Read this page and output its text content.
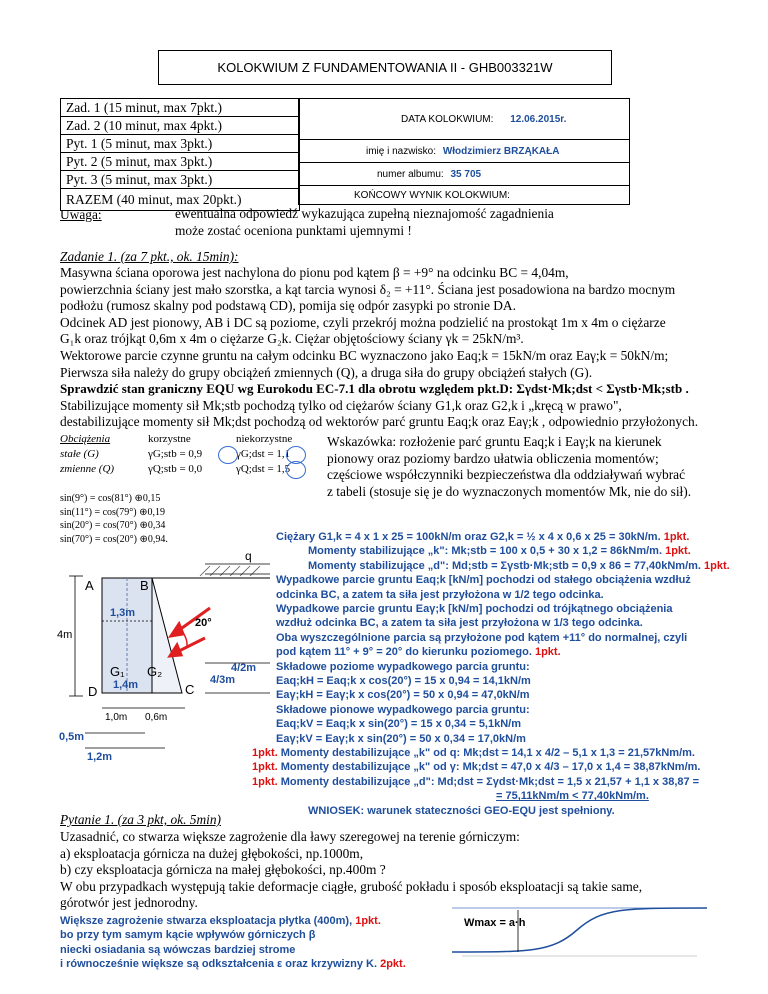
KOLOKWIUM Z FUNDAMENTOWANIA II - GHB003321W
Zad. 1 (15 minut, max 7pkt.)
Zad. 2 (10 minut, max 4pkt.)
Pyt. 1 (5 minut, max 3pkt.)
Pyt. 2 (5 minut, max 3pkt.)
Pyt. 3 (5 minut, max 3pkt.)
RAZEM (40 minut, max 20pkt.)
DATA KOLOKWIUM: 12.06.2015r.
imię i nazwisko: Włodzimierz BRZĄKAŁA
numer albumu: 35 705
KOŃCOWY WYNIK KOLOKWIUM:
Uwaga:	ewentualna odpowiedź wykazująca zupełną nieznajomość zagadnienia
może zostać oceniona punktami ujemnymi !
Zadanie 1. (za 7 pkt., ok. 15min):
Masywna ściana oporowa jest nachylona do pionu pod kątem β = +9° na odcinku BC = 4,04m,
powierzchnia ściany jest mało szorstka, a kąt tarcia wynosi δ₂ = +11°. Ściana jest posadowiona na bardzo mocnym
podłożu (rumosz skalny pod podstawą CD), pomija się odpór zasypki po stronie DA.
Odcinek AD jest pionowy, AB i DC są poziome, czyli przekrój można podzielić na prostokąt 1m x 4m o ciężarze
G₁k oraz trójkąt 0,6m x 4m o ciężarze G₂k. Ciężar objętościowy ściany γk = 25kN/m³.
Wektorowe parcie czynne gruntu na całym odcinku BC wyznaczono jako Eaq;k = 15kN/m oraz Eaγ;k = 50kN/m;
Pierwsza siła należy do grupy obciążeń zmiennych (Q), a druga siła do grupy obciążeń stałych (G).
Sprawdzić stan graniczny EQU wg Eurokodu EC-7.1 dla obrotu względem pkt.D: Σγdst·Mk;dst < Σγstb·Mk;stb .
Stabilizujące momenty sił Mk;stb pochodzą tylko od ciężarów ściany G1,k oraz G2,k i „kręcą w prawo",
destabilizujące momenty sił Mk;dst pochodzą od wektorów parć gruntu Eaq;k oraz Eaγ;k , odpowiednio przyłożonych.
Obciążenia	korzystne	niekorzystne
stałe (G)	γG;stb = 0,9	γG;dst = 1,1
zmienne (Q)	γQ;stb = 0,0	γQ;dst = 1,5
Wskazówka: rozłożenie parć gruntu Eaq;k i Eaγ;k na kierunek
pionowy oraz poziomy bardzo ułatwia obliczenia momentów;
częściowe współczynniki bezpieczeństwa dla oddziaływań wybrać
z tabeli (stosuje się je do wyznaczonych momentów Mk, nie do sił).
sin(9°) = cos(81°) ⊕0,15
sin(11°) = cos(79°) ⊕0,19
sin(20°) = cos(70°) ⊕0,34
sin(70°) = cos(20°) ⊕0,94.
q
A	B
C
D
G₁ G₂
4m
1,3m
4/2m
4/3m
1,4m
1,0m 0,6m
0,5m
1,2m
20°
Ciężary G1,k = 4 x 1 x 25 = 100kN/m oraz G2,k = ½ x 4 x 0,6 x 25 = 30kN/m. 1pkt.
Momenty stabilizujące „k": Mk;stb = 100 x 0,5 + 30 x 1,2 = 86kNm/m. 1pkt.
Momenty stabilizujące „d": Md;stb = Σγstb·Mk;stb = 0,9 x 86 = 77,40kNm/m. 1pkt.
Wypadkowe parcie gruntu Eaq;k [kN/m] pochodzi od stałego obciążenia wzdłuż
odcinka BC, a zatem ta siła jest przyłożona w 1/2 tego odcinka.
Wypadkowe parcie gruntu Eaγ;k [kN/m] pochodzi od trójkątnego obciążenia
wzdłuż odcinka BC, a zatem ta siła jest przyłożona w 1/3 tego odcinka.
Oba wyszczególnione parcia są przyłożone pod kątem +11° do normalnej, czyli
pod kątem 11° + 9° = 20° do kierunku poziomego. 1pkt.
Składowe poziome wypadkowego parcia gruntu:
Eaq;kH = Eaq;k x cos(20°) = 15 x 0,94 = 14,1kN/m
Eaγ;kH = Eaγ;k x cos(20°) = 50 x 0,94 = 47,0kN/m
Składowe pionowe wypadkowego parcia gruntu:
Eaq;kV = Eaq;k x sin(20°) = 15 x 0,34 = 5,1kN/m
Eaγ;kV = Eaγ;k x sin(20°) = 50 x 0,34 = 17,0kN/m
1pkt. Momenty destabilizujące „k" od q: Mk;dst = 14,1 x 4/2 – 5,1 x 1,3 = 21,57kNm/m.
1pkt. Momenty destabilizujące „k" od γ: Mk;dst = 47,0 x 4/3 – 17,0 x 1,4 = 38,87kNm/m.
1pkt. Momenty destabilizujące „d": Md;dst = Σγdst·Mk;dst = 1,5 x 21,57 + 1,1 x 38,87 =
= 75,11kNm/m < 77,40kNm/m.
WNIOSEK: warunek stateczności GEO-EQU jest spełniony.
Pytanie 1. (za 3 pkt, ok. 5min)
Uzasadnić, co stwarza większe zagrożenie dla ławy szeregowej na terenie górniczym:
a) eksploatacja górnicza na dużej głębokości, np.1000m,
b) czy eksploatacja górnicza na małej głębokości, np.400m ?
W obu przypadkach występują takie deformacje ciągłe, grubość pokładu i sposób eksploatacji są takie same,
górotwór jest jednorodny.
Większe zagrożenie stwarza eksploatacja płytka (400m), 1pkt.
bo przy tym samym kącie wpływów górniczych β
niecki osiadania są wówczas bardziej strome
i równocześnie większe są odkształcenia ε oraz krzywizny K. 2pkt.
Wmax = a·h
